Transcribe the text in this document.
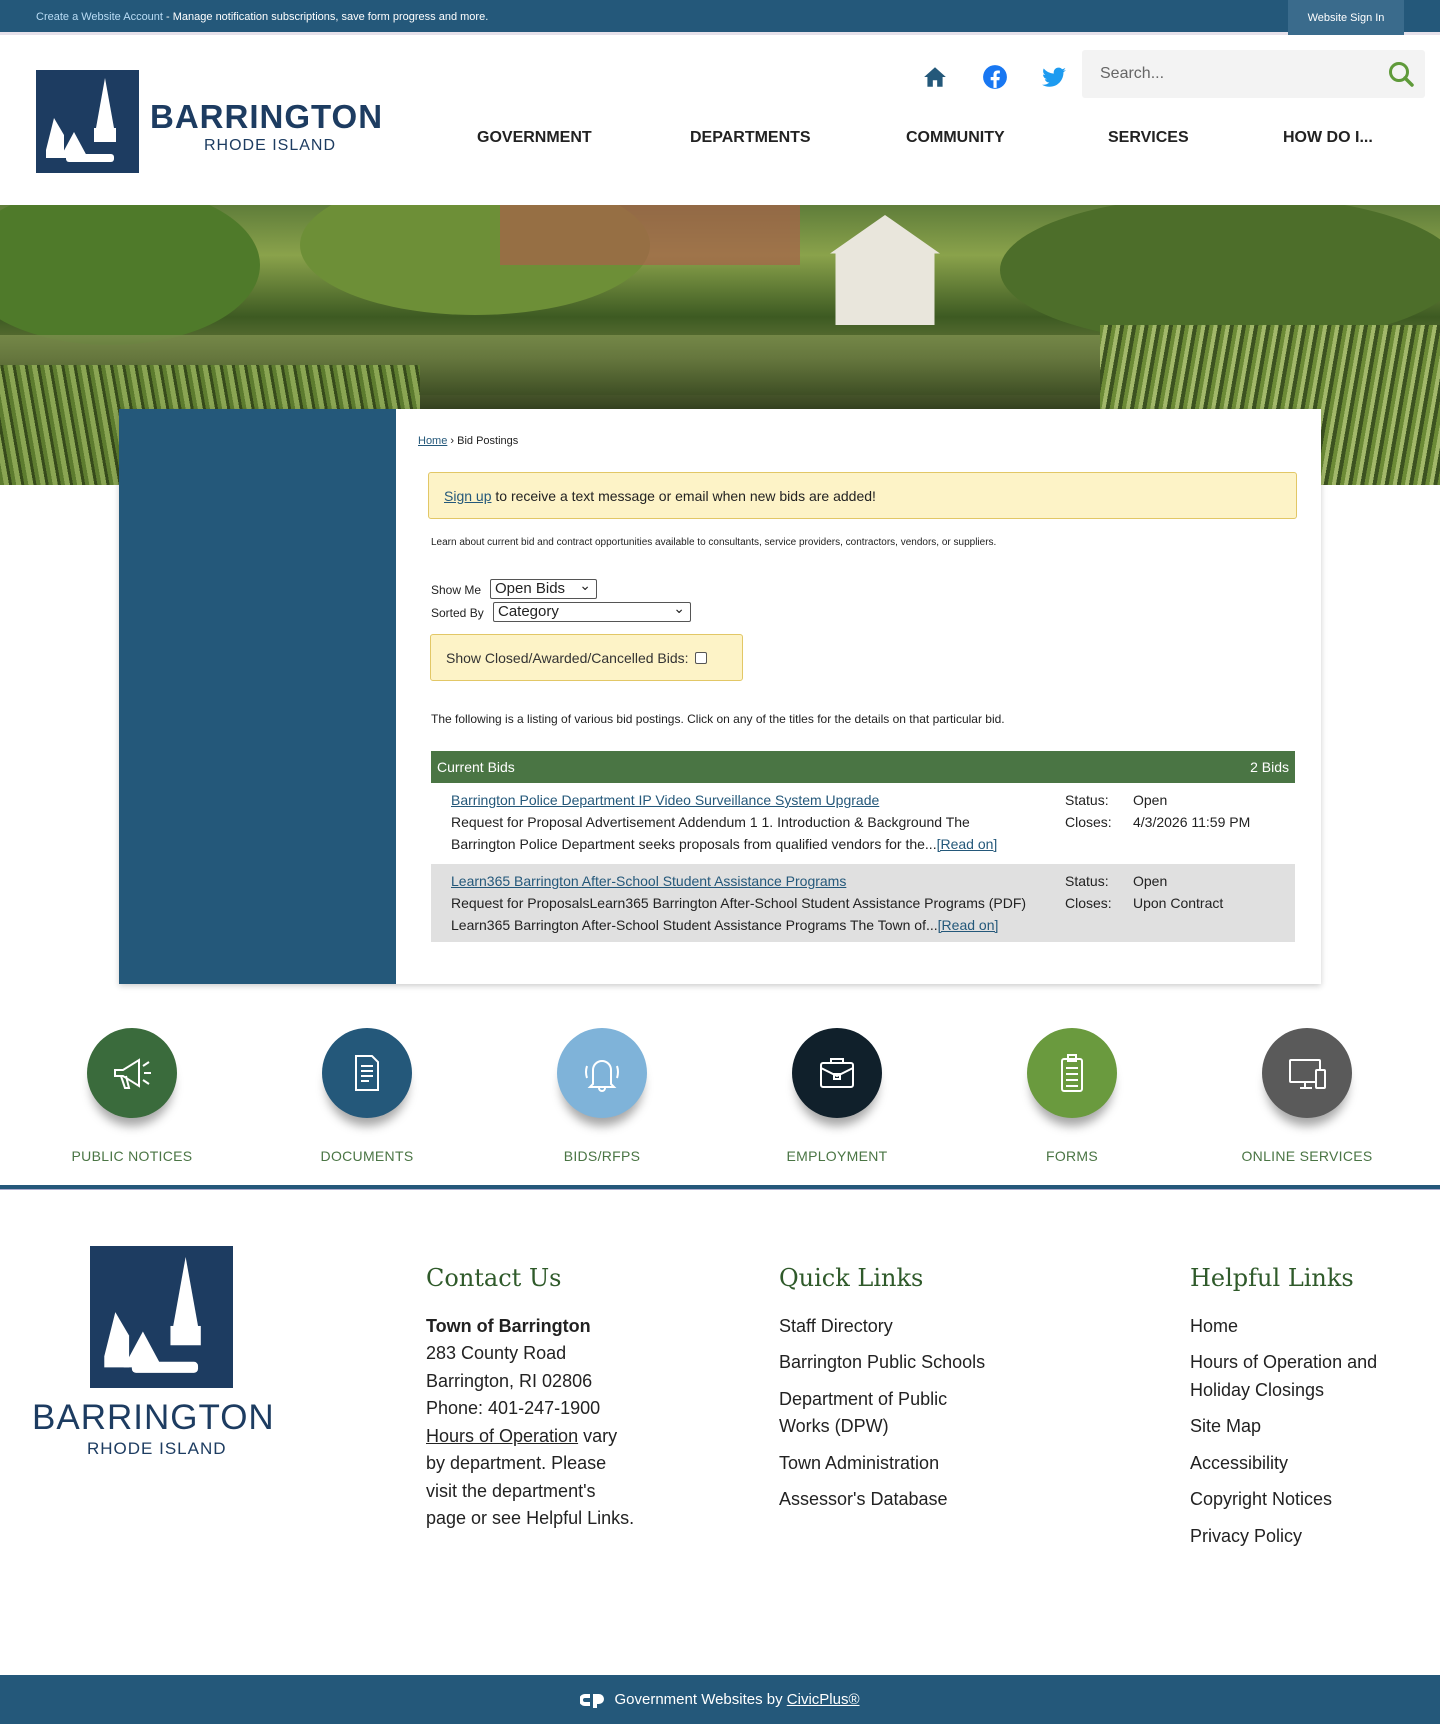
Create a Website Account - Manage notification subscriptions, save form progress and more.	Website Sign In
BARRINGTON
RHODE ISLAND
Search...
GOVERNMENT	DEPARTMENTS	COMMUNITY	SERVICES	HOW DO I...
Home › Bid Postings
Sign up to receive a text message or email when new bids are added!
Learn about current bid and contract opportunities available to consultants, service providers, contractors, vendors, or suppliers.
Show Me Open Bids ⌄
Sorted By Category ⌄
Show Closed/Awarded/Cancelled Bids:
The following is a listing of various bid postings. Click on any of the titles for the details on that particular bid.
Current Bids	2 Bids
Barrington Police Department IP Video Surveillance System Upgrade
Request for Proposal Advertisement Addendum 1 1. Introduction & Background The
Barrington Police Department seeks proposals from qualified vendors for the...[Read on]
Status: Open
Closes: 4/3/2026 11:59 PM
Learn365 Barrington After-School Student Assistance Programs
Request for ProposalsLearn365 Barrington After-School Student Assistance Programs (PDF)
Learn365 Barrington After-School Student Assistance Programs The Town of...[Read on]
Status: Open
Closes: Upon Contract
PUBLIC NOTICES	DOCUMENTS	BIDS/RFPS	EMPLOYMENT	FORMS	ONLINE SERVICES
BARRINGTON
RHODE ISLAND
Contact Us
Town of Barrington
283 County Road
Barrington, RI 02806
Phone: 401-247-1900
Hours of Operation vary
by department. Please
visit the department's
page or see Helpful Links.
Quick Links
Staff Directory
Barrington Public Schools
Department of Public Works (DPW)
Town Administration
Assessor's Database
Helpful Links
Home
Hours of Operation and Holiday Closings
Site Map
Accessibility
Copyright Notices
Privacy Policy
Government Websites by CivicPlus®
